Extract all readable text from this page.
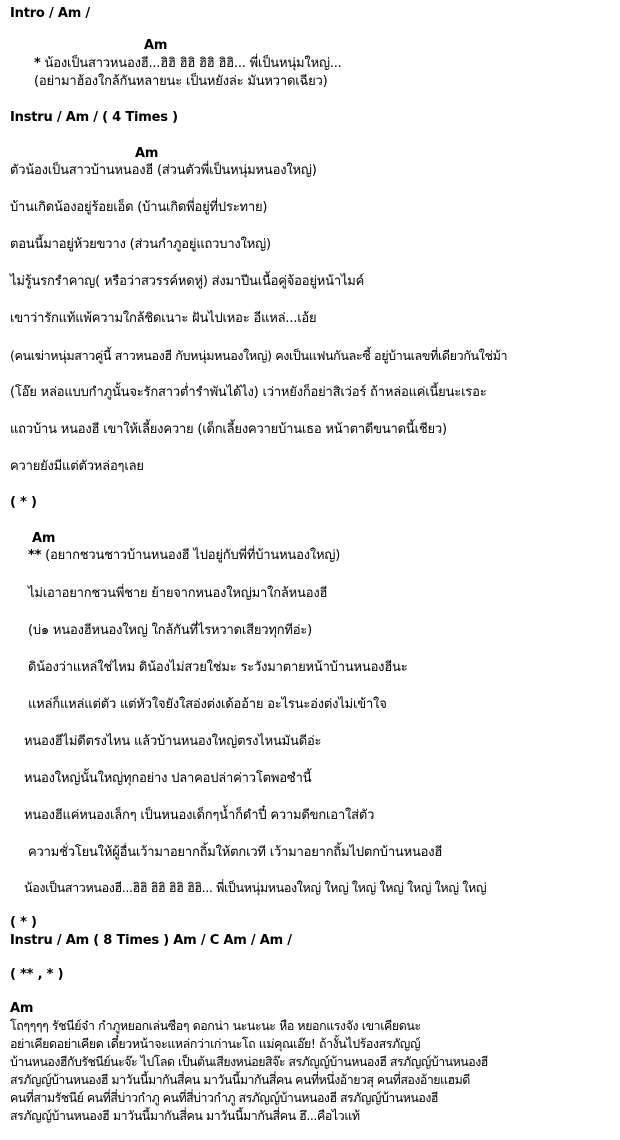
Intro / Am /
Am
* น้องเป็นสาวหนองฮี...ฮิฮิ ฮิฮิ ฮิฮิ ฮิฮิ... พี่เป็นหนุ่มใหญ่...
(อย่ามาฮ้องใกล้กันหลายนะ เป็นหยังล่ะ มันหวาดเฉียว)
Instru / Am / ( 4 Times )
Am
ตัวน้องเป็นสาวบ้านหนองฮี (ส่วนตัวพี่เป็นหนุ่มหนองใหญ่)
บ้านเกิดน้องอยู่ร้อยเอ็ด (บ้านเกิดพี่อยู่ที่ประทาย)
ตอนนี้มาอยู่ห้วยขวาง (ส่วนกำภูอยู่แถวบางใหญ่)
ไม่รู้นรกรำคาญ( หรือว่าสวรรค์หดหู่) ส่งมาปีนเนื้อคู่จ้ออยู่หน้าไมค์
เขาว่ารักแท้แพ้ความใกล้ชิดเนาะ ฝันไปเหอะ อีแหล่...เอ้ย
(คนเฆ่าหนุ่มสาวคู่นี้ สาวหนองฮี กับหนุ่มหนองใหญ่) คงเป็นแฟนกันละซี้ อยู่บ้านเลขที่เดียวกันใช่ม้า
(โอ๊ย หล่อแบบกำภูนั้นจะรักสาวต่ำรำพันได้ไง) เว่าหยังก็อย่าสิเว่อร์ ถ้าหล่อแค่เนี้ยนะเรอะ
แถวบ้าน หนองฮี เขาให้เลี้ยงควาย (เด็กเลี้ยงควายบ้านเธอ หน้าตาดีขนาดนี้เชียว)
ควายยังมีแต่ตัวหล่อๆเลย
( * )
Am
** (อยากชวนชาวบ้านหนองฮี ไปอยู่กับพี่ที่บ้านหนองใหญ่)
ไม่เอาอยากชวนพี่ชาย ย้ายจากหนองใหญ่มาใกล้หนองฮี
(บ่๑ หนองฮีหนองใหญ่ ใกล้กันที่ไรหวาดเสียวทุกทีอ่ะ)
ดิน้องว่าแหล่ใช่ไหม ดิน้องไม่สวยใช่มะ ระวังมาตายหน้าบ้านหนองฮีนะ
แหล่ก็แหล่แต่ตัว แต่หัวใจยังใสอ่งต่งเด้ออ้าย อะไรนะอ่งต่งไม่เข้าใจ
หนองฮีไม่ดีตรงไหน แล้วบ้านหนองใหญ่ตรงไหนมันดีอ่ะ
หนองใหญ่นั้นใหญ่ทุกอย่าง ปลาคอปล่าค่าวโตพอซำนี้
หนองฮีแค่หนองเล็กๆ เป็นหนองเด็กๆน้ำก็ดำปี๋ ความดีขกเอาใส่ตัว
ความชั่วโยนให้ผู้อื่นเว้ามาอยากถิ้มให้ตกเวที เว้ามาอยากถิ้มไปตกบ้านหนองฮี
น้องเป็นสาวหนองฮี...ฮิฮิ ฮิฮิ ฮิฮิ ฮิฮิ... พี่เป็นหนุ่มหนองใหญ่ ใหญ่ ใหญ่ ใหญ่ ใหญ่ ใหญ่ ใหญ่
( * )
Instru / Am ( 8 Times ) Am / C Am / Am /
( ** , * )
Am
โถๆๆๆๆ รัชนีย์จ๋า กำภูหยอกเล่นซือๆ ดอกน่า นะนะนะ หือ หยอกแรงจัง เขาเคียดนะ
อย่าเคียดอย่าเคียด เดี๋ยวหน้าจะแหล่กว่าเก่านะโถ แม่คุณเอ๊ย! ถ้างั้นไปร้องสรภัญญ์
บ้านหนองฮีกับรัชนีย์นะจ๊ะ ไปโลด เป็นต้นเสียงหน่อยสิจ๊ะ สรภัญญ์บ้านหนองฮี สรภัญญ์บ้านหนองฮี
สรภัญญ์บ้านหนองฮี มาวันนี้มากันสี่คน มาวันนี้มากันสี่คน คนที่หนึ่งอ้ายวสุ คนที่สองอ้ายแฮมดี
คนที่สามรัชนีย์ คนที่สี่บ่าวกำภู คนที่สี่บ่าวกำภู สรภัญญ์บ้านหนองฮี สรภัญญ์บ้านหนองฮี
สรภัญญ์บ้านหนองฮี มาวันนี้มากันสี่คน มาวันนี้มากันสี่คน ฮึ...คือไวแท้
